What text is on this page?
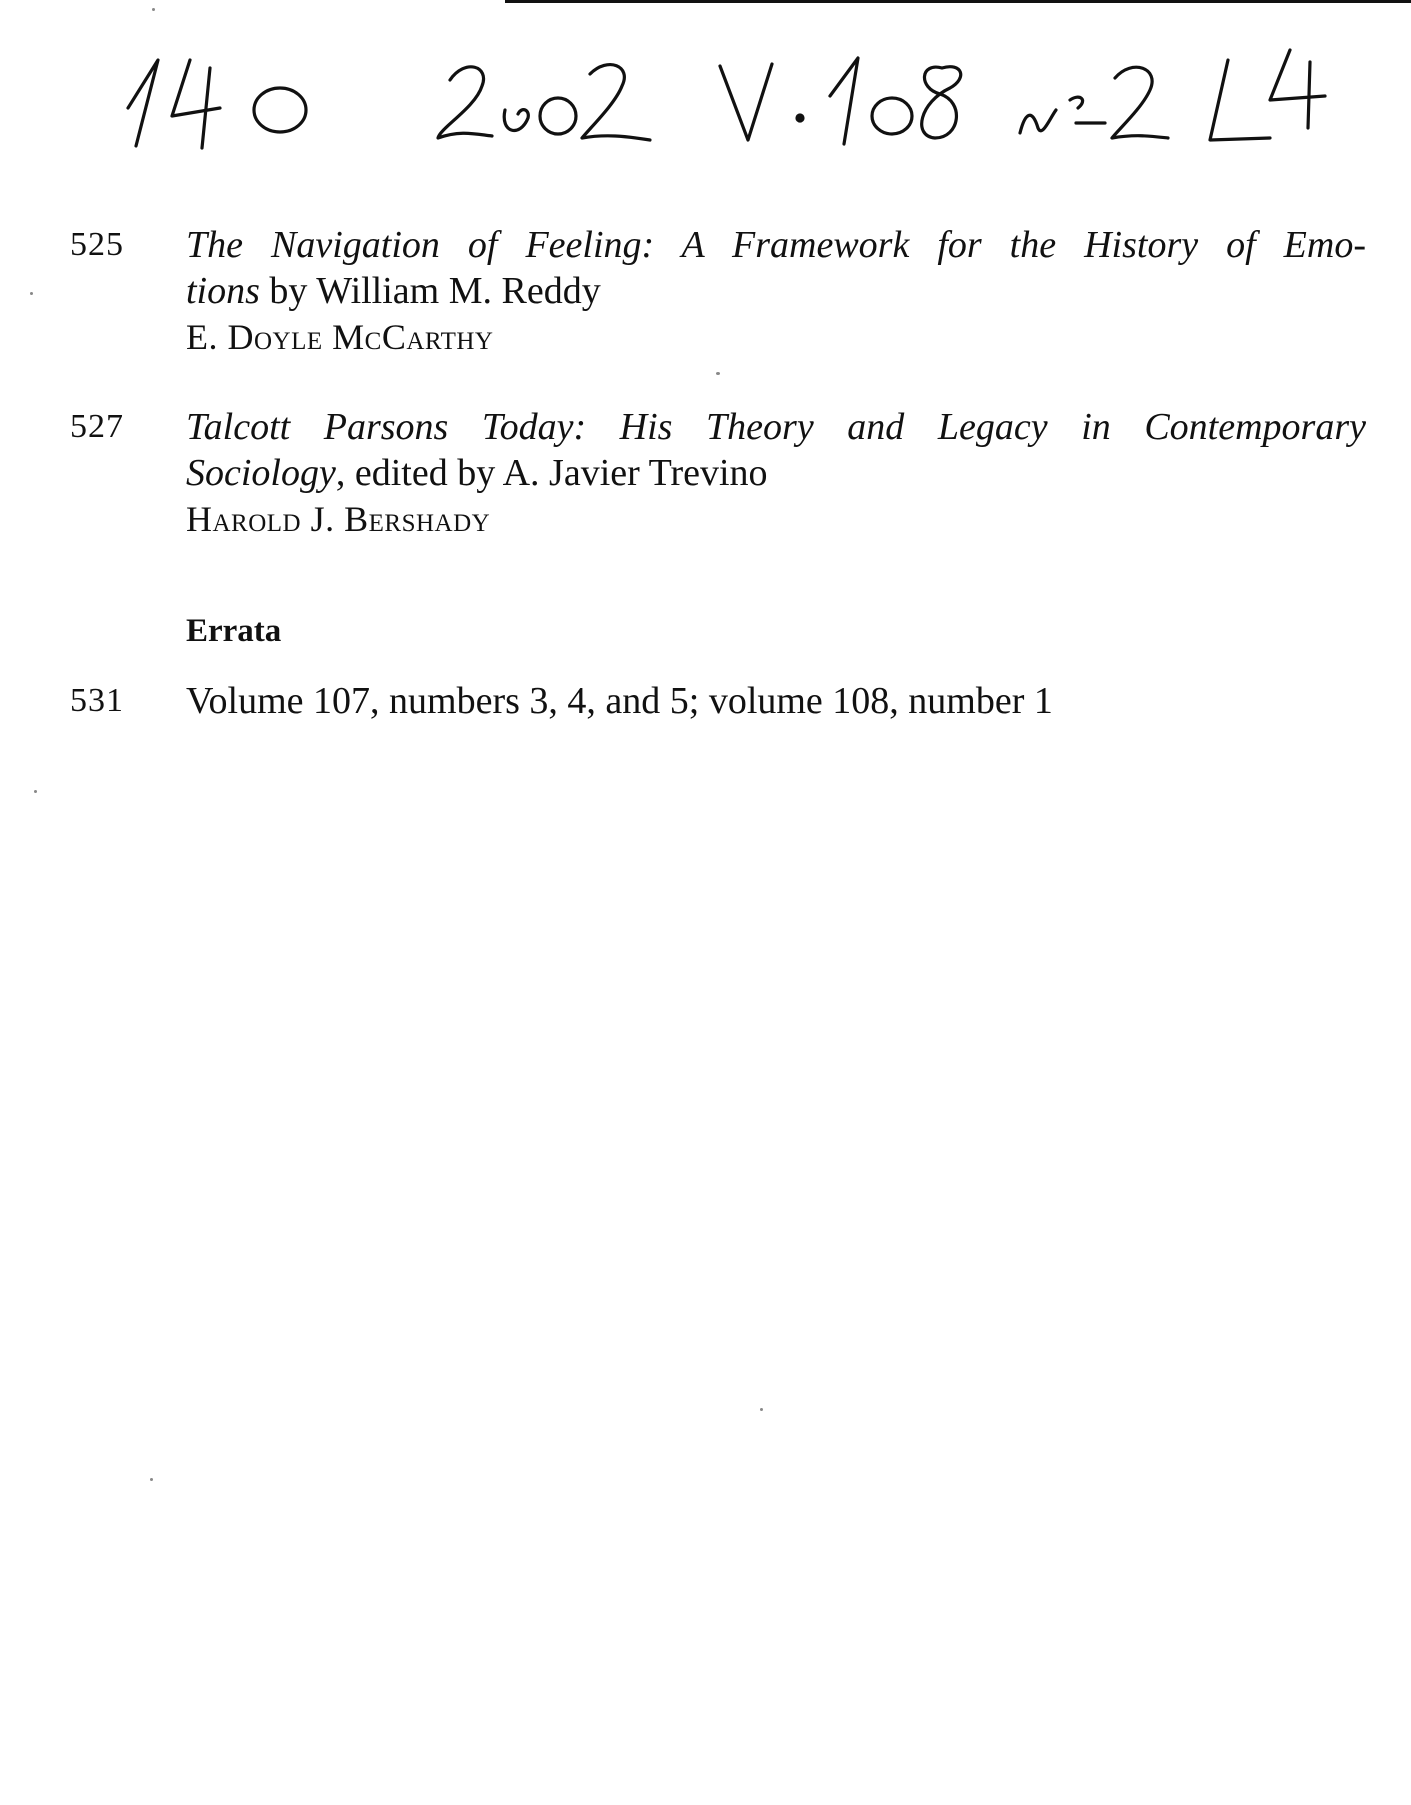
525 The Navigation of Feeling: A Framework for the History of Emo-
tions by William M. Reddy
E. Doyle McCarthy
527 Talcott Parsons Today: His Theory and Legacy in Contemporary
Sociology, edited by A. Javier Trevino
Harold J. Bershady
Errata
531 Volume 107, numbers 3, 4, and 5; volume 108, number 1
